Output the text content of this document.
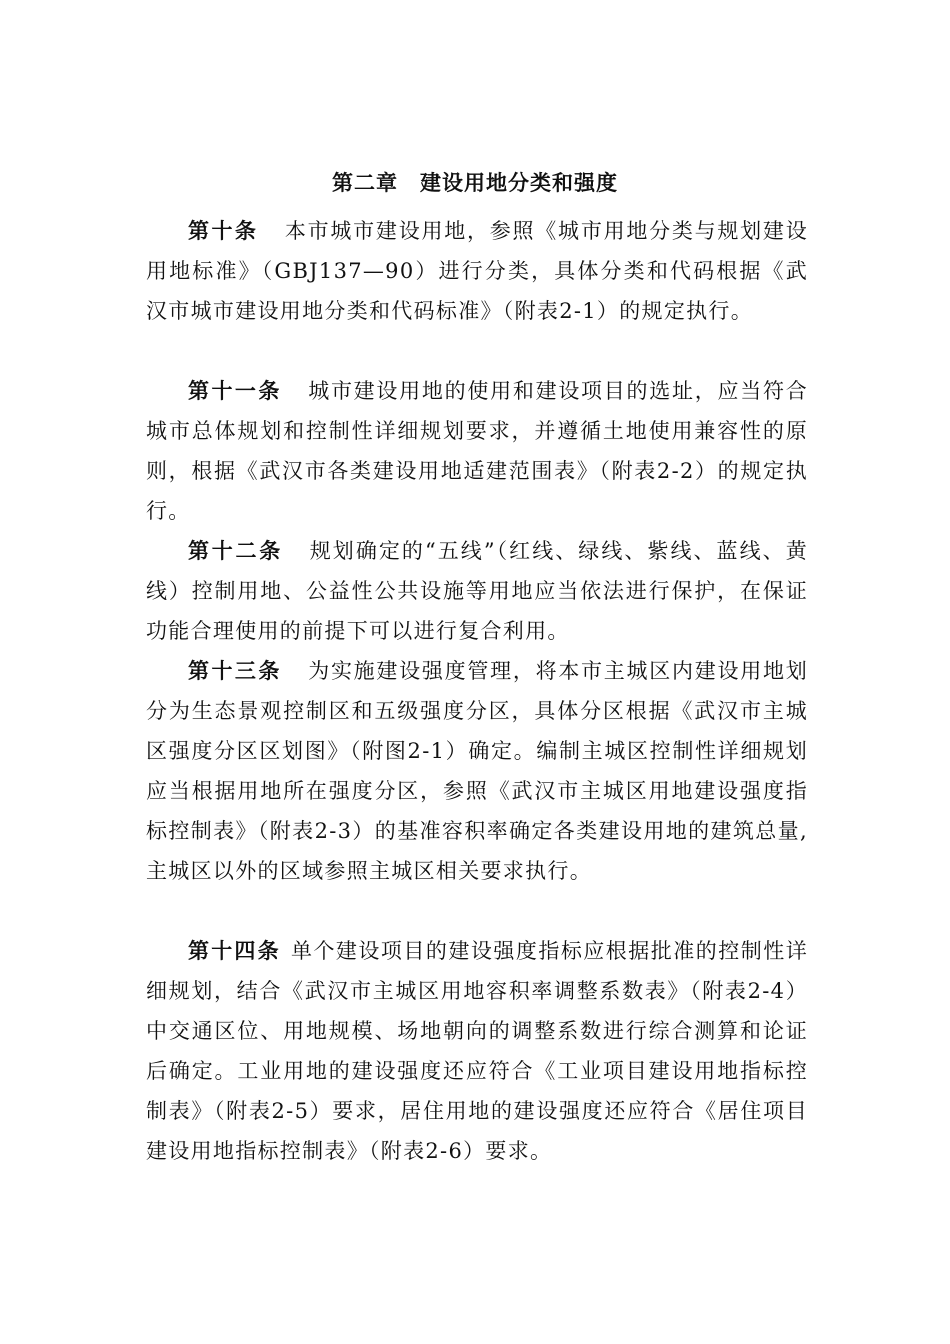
第二章　建设用地分类和强度

第十条 本市城市建设用地，参照《城市用地分类与规划建设用地标准》（GBJ137—90）进行分类，具体分类和代码根据《武汉市城市建设用地分类和代码标准》（附表2-1）的规定执行。

第十一条 城市建设用地的使用和建设项目的选址，应当符合城市总体规划和控制性详细规划要求，并遵循土地使用兼容性的原则，根据《武汉市各类建设用地适建范围表》（附表2-2）的规定执行。

第十二条 规划确定的“五线”（红线、绿线、紫线、蓝线、黄线）控制用地、公益性公共设施等用地应当依法进行保护，在保证功能合理使用的前提下可以进行复合利用。

第十三条 为实施建设强度管理，将本市主城区内建设用地划分为生态景观控制区和五级强度分区，具体分区根据《武汉市主城区强度分区区划图》（附图2-1）确定。编制主城区控制性详细规划应当根据用地所在强度分区，参照《武汉市主城区用地建设强度指标控制表》（附表2-3）的基准容积率确定各类建设用地的建筑总量,主城区以外的区域参照主城区相关要求执行。

第十四条 单个建设项目的建设强度指标应根据批准的控制性详细规划，结合《武汉市主城区用地容积率调整系数表》（附表2-4）中交通区位、用地规模、场地朝向的调整系数进行综合测算和论证后确定。工业用地的建设强度还应符合《工业项目建设用地指标控制表》（附表2-5）要求，居住用地的建设强度还应符合《居住项目建设用地指标控制表》（附表2-6）要求。
